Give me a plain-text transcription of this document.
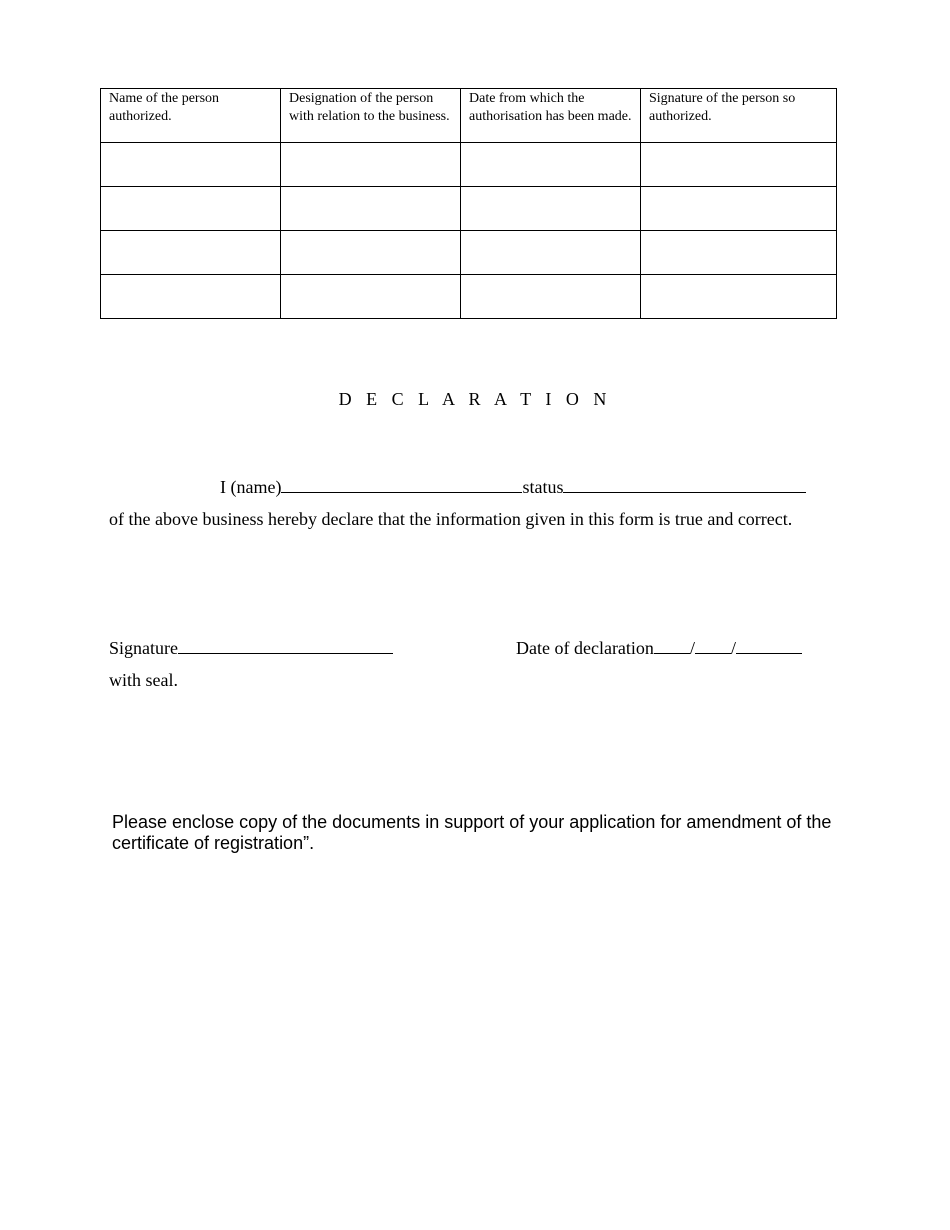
Name of the person authorized.	Designation of the person with relation to the business.	Date from which the authorisation has been made.	Signature of the person so authorized.

D E C L A R A T I O N

I (name)	status

of the above business hereby declare that the information given in this form is true and correct.

Signature	Date of declaration / /

with seal.

Please enclose copy of the documents in support of your application for amendment of the certificate of registration”.
